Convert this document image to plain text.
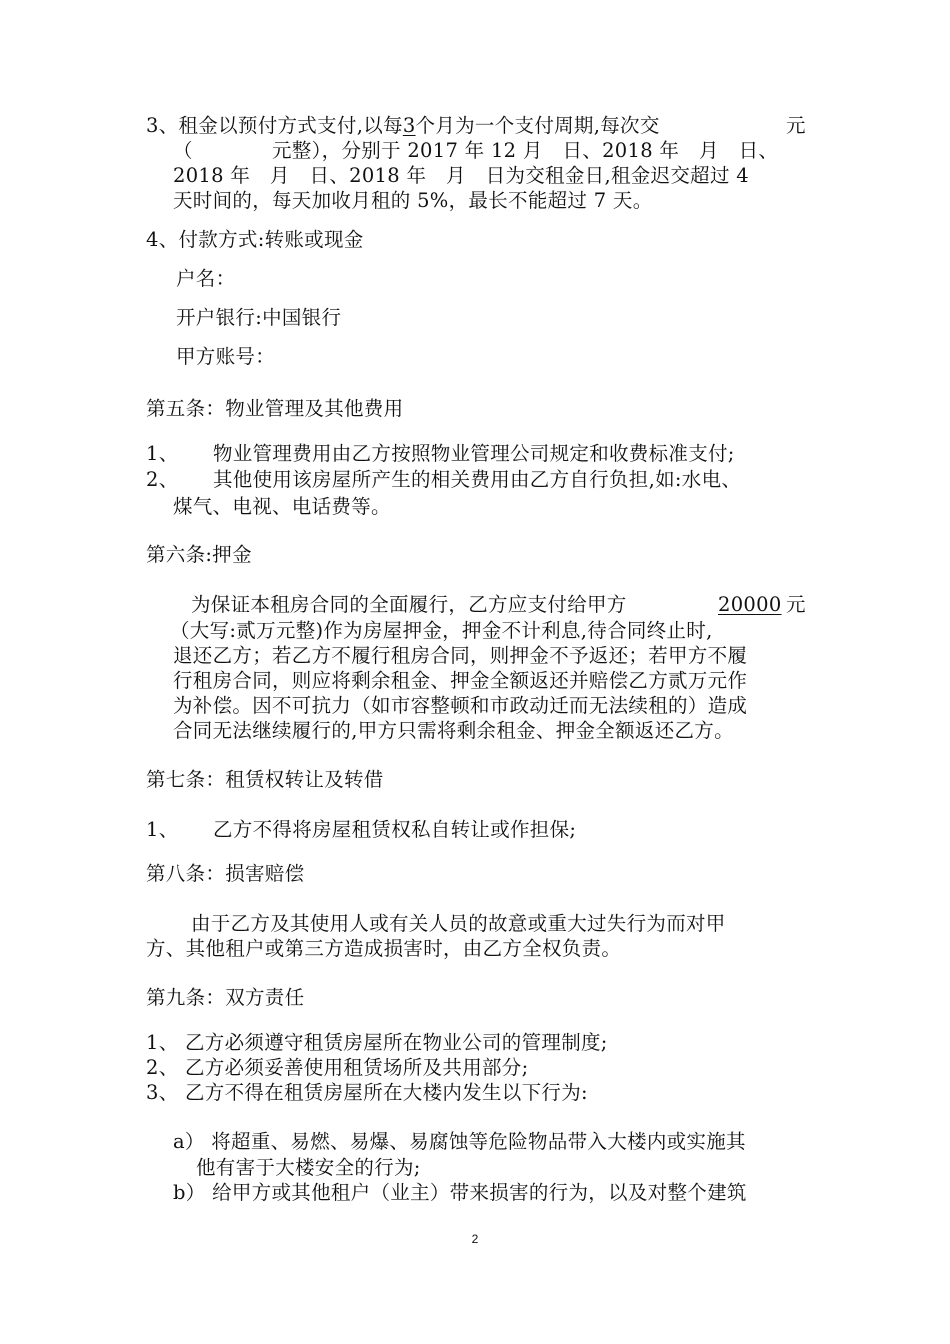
3、租金以预付方式支付,以每3个月为一个支付周期,每次交	元
（　　　　元整），分别于 2017 年 12 月　日、2018 年　月　日、
2018 年　月　日、2018 年　月　日为交租金日,租金迟交超过 4
天时间的，每天加收月租的 5%，最长不能超过 7 天。
4、付款方式:转账或现金
户名：
开户银行:中国银行
甲方账号：
第五条：物业管理及其他费用
1、 物业管理费用由乙方按照物业管理公司规定和收费标准支付;
2、 其他使用该房屋所产生的相关费用由乙方自行负担,如:水电、
煤气、电视、电话费等。
第六条:押金
为保证本租房合同的全面履行，乙方应支付给甲方	20000 元
（大写:贰万元整)作为房屋押金，押金不计利息,待合同终止时,
退还乙方；若乙方不履行租房合同，则押金不予返还；若甲方不履
行租房合同，则应将剩余租金、押金全额返还并赔偿乙方贰万元作
为补偿。因不可抗力（如市容整顿和市政动迁而无法续租的）造成
合同无法继续履行的,甲方只需将剩余租金、押金全额返还乙方。
第七条：租赁权转让及转借
1、 乙方不得将房屋租赁权私自转让或作担保;
第八条：损害赔偿
由于乙方及其使用人或有关人员的故意或重大过失行为而对甲
方、其他租户或第三方造成损害时，由乙方全权负责。
第九条：双方责任
1、 乙方必须遵守租赁房屋所在物业公司的管理制度;
2、 乙方必须妥善使用租赁场所及共用部分;
3、 乙方不得在租赁房屋所在大楼内发生以下行为:
a） 将超重、易燃、易爆、易腐蚀等危险物品带入大楼内或实施其
他有害于大楼安全的行为;
b） 给甲方或其他租户（业主）带来损害的行为，以及对整个建筑
2
